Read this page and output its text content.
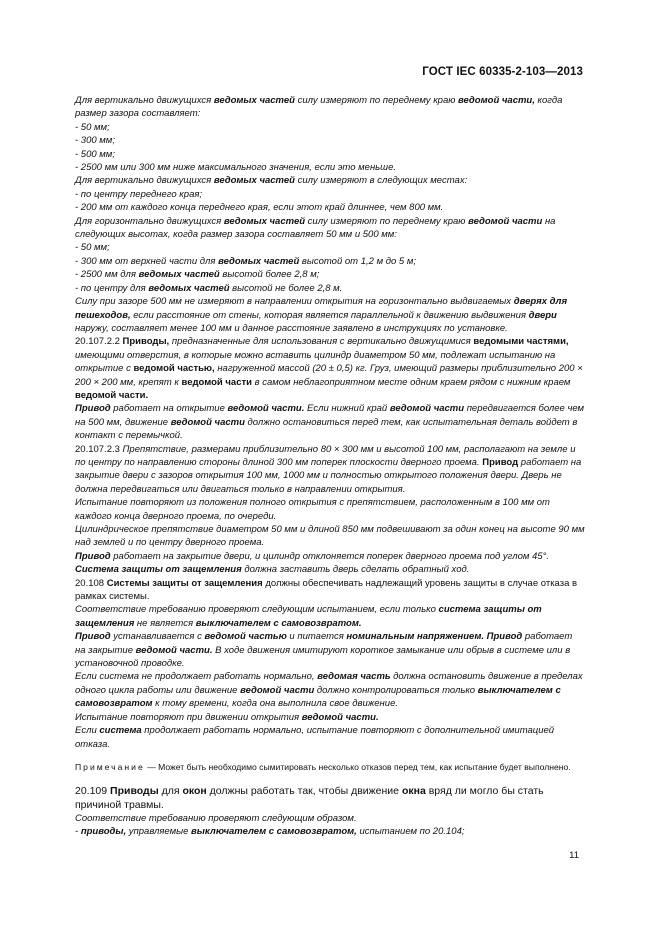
ГОСТ IEC 60335-2-103—2013

Для вертикально движущихся ведомых частей силу измеряют по переднему краю ведомой части, когда размер зазора составляет:

- 50 мм;

- 300 мм;

- 500 мм;

- 2500 мм или 300 мм ниже максимального значения, если это меньше.

Для вертикально движущихся ведомых частей силу измеряют в следующих местах:

- по центру переднего края;

- 200 мм от каждого конца переднего края, если этот край длиннее, чем 800 мм.

Для горизонтально движущихся ведомых частей силу измеряют по переднему краю ведомой части на следующих высотах, когда размер зазора составляет 50 мм и 500 мм:

- 50 мм;

- 300 мм от верхней части для ведомых частей высотой от 1,2 м до 5 м;

- 2500 мм для ведомых частей высотой более 2,8 м;

- по центру для ведомых частей высотой не более 2,8 м.

Силу при зазоре 500 мм не измеряют в направлении открытия на горизонтально выдвигаемых дверях для пешеходов, если расстояние от стены, которая является параллельной к движению выдвижения двери наружу, составляет менее 100 мм и данное расстояние заявлено в инструкциях по установке.

20.107.2.2 Приводы, предназначенные для использования с вертикально движущимися ведомыми частями, имеющими отверстия, в которые можно вставить цилиндр диаметром 50 мм, подлежат испытанию на открытие с ведомой частью, нагруженной массой (20 ± 0,5) кг. Груз, имеющий размеры приблизительно 200 × 200 × 200 мм, крепят к ведомой части в самом неблагоприятном месте одним краем рядом с нижним краем ведомой части.

Привод работает на открытие ведомой части. Если нижний край ведомой части передвигается более чем на 500 мм, движение ведомой части должно остановиться перед тем, как испытательная деталь войдет в контакт с перемычкой.

20.107.2.3 Препятствие, размерами приблизительно 80 × 300 мм и высотой 100 мм, располагают на земле и по центру по направлению стороны длиной 300 мм поперек плоскости дверного проема. Привод работает на закрытие двери с зазоров открытия 100 мм, 1000 мм и полностью открытого положения двери. Дверь не должна передвигаться или двигаться только в направлении открытия.

Испытание повторяют из положения полного открытия с препятствием, расположенным в 100 мм от каждого конца дверного проема, по очереди.

Цилиндрическое препятствие диаметром 50 мм и длиной 850 мм подвешивают за один конец на высоте 90 мм над землей и по центру дверного проема.

Привод работает на закрытие двери, и цилиндр отклоняется поперек дверного проема под углом 45°. Система защиты от защемления должна заставить дверь сделать обратный ход.

20.108 Системы защиты от защемления должны обеспечивать надлежащий уровень защиты в случае отказа в рамках системы.

Соответствие требованию проверяют следующим испытанием, если только система защиты от защемления не является выключателем с самовозвратом.

Привод устанавливается с ведомой частью и питается номинальным напряжением. Привод работает на закрытие ведомой части. В ходе движения имитируют короткое замыкание или обрыв в системе или в установочной проводке.

Если система не продолжает работать нормально, ведомая часть должна остановить движение в пределах одного цикла работы или движение ведомой части должно контролироваться только выключателем с самовозвратом к тому времени, когда она выполнила свое движение.

Испытание повторяют при движении открытия ведомой части.

Если система продолжает работать нормально, испытание повторяют с дополнительной имитацией отказа.

Примечание — Может быть необходимо сымитировать несколько отказов перед тем, как испытание будет выполнено.

20.109 Приводы для окон должны работать так, чтобы движение окна вряд ли могло бы стать причиной травмы.

Соответствие требованию проверяют следующим образом.

- приводы, управляемые выключателем с самовозвратом, испытанием по 20.104;

11
